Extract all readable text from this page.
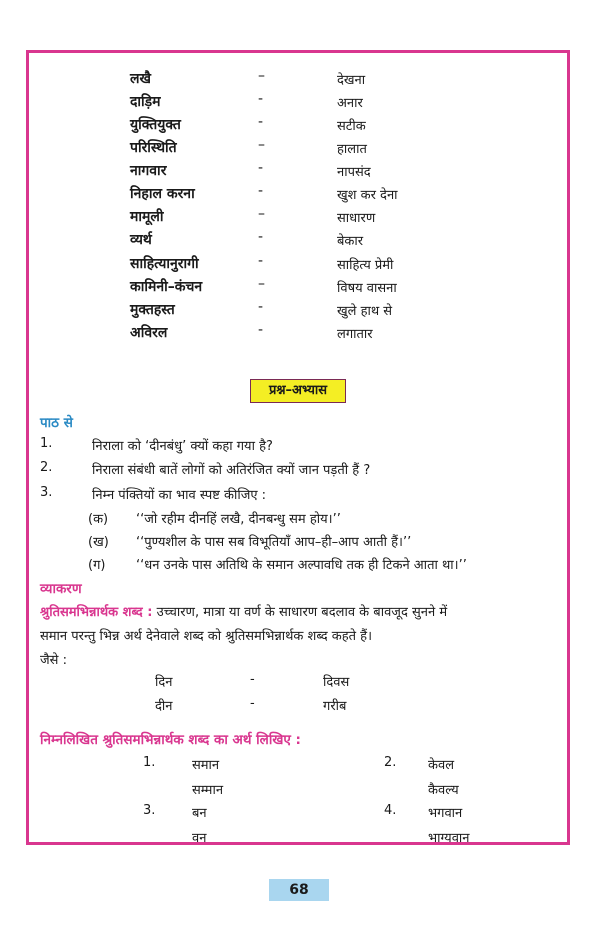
लखै	–	देखना
दाड़िम	-	अनार
युक्तियुक्त	-	सटीक
परिस्थिति	–	हालात
नागवार	-	नापसंद
निहाल करना	-	खुश कर देना
मामूली	–	साधारण
व्यर्थ	-	बेकार
साहित्यानुरागी	-	साहित्य प्रेमी
कामिनी–कंचन	–	विषय वासना
मुक्तहस्त	-	खुले हाथ से
अविरल	-	लगातार
प्रश्न–अभ्यास
पाठ से
1.	निराला को ‘दीनबंधु’ क्यों कहा गया है?
2.	निराला संबंधी बातें लोगों को अतिरंजित क्यों जान पड़ती हैं ?
3.	निम्न पंक्तियों का भाव स्पष्ट कीजिए :
(क) ‘‘जो रहीम दीनहिं लखै, दीनबन्धु सम होय।’’
(ख) ‘‘पुण्यशील के पास सब विभूतियाँ आप–ही–आप आती हैं।’’
(ग) ‘‘धन उनके पास अतिथि के समान अल्पावधि तक ही टिकने आता था।’’
व्याकरण
श्रुतिसमभिन्नार्थक शब्द : उच्चारण, मात्रा या वर्ण के साधारण बदलाव के बावजूद सुनने में
समान परन्तु भिन्न अर्थ देनेवाले शब्द को श्रुतिसमभिन्नार्थक शब्द कहते हैं।
जैसे :
दिन	-	दिवस
दीन	-	गरीब
निम्नलिखित श्रुतिसमभिन्नार्थक शब्द का अर्थ लिखिए :
1.	समान
सम्मान
2. केवल
कैवल्य
3.	बन
वन
4. भगवान
भाग्यवान
68
